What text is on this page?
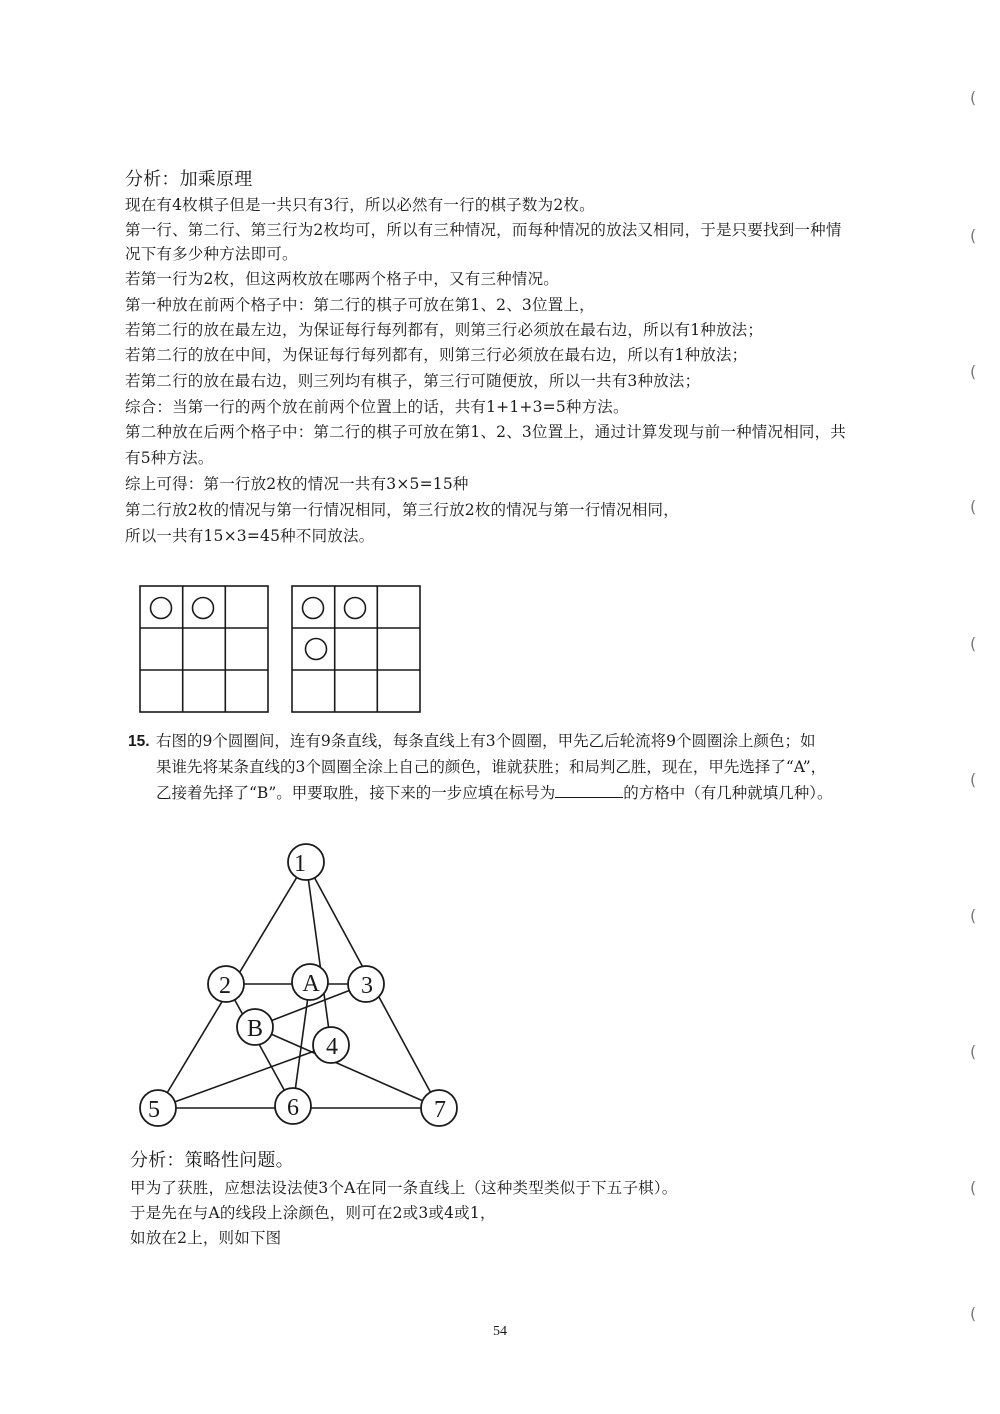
(
(
(
(
(
(
(
(
(
(
分析：加乘原理
现在有4枚棋子但是一共只有3行，所以必然有一行的棋子数为2枚。
第一行、第二行、第三行为2枚均可，所以有三种情况，而每种情况的放法又相同，于是只要找到一种情
况下有多少种方法即可。
若第一行为2枚，但这两枚放在哪两个格子中，又有三种情况。
第一种放在前两个格子中：第二行的棋子可放在第1、2、3位置上，
若第二行的放在最左边，为保证每行每列都有，则第三行必须放在最右边，所以有1种放法；
若第二行的放在中间，为保证每行每列都有，则第三行必须放在最右边，所以有1种放法；
若第二行的放在最右边，则三列均有棋子，第三行可随便放，所以一共有3种放法；
综合：当第一行的两个放在前两个位置上的话，共有1+1+3=5种方法。
第二种放在后两个格子中：第二行的棋子可放在第1、2、3位置上，通过计算发现与前一种情况相同，共
有5种方法。
综上可得：第一行放2枚的情况一共有3×5=15种
第二行放2枚的情况与第一行情况相同，第三行放2枚的情况与第一行情况相同，
所以一共有15×3=45种不同放法。
15. 右图的9个圆圈间，连有9条直线，每条直线上有3个圆圈，甲先乙后轮流将9个圆圈涂上颜色；如
果谁先将某条直线的3个圆圈全涂上自己的颜色，谁就获胜；和局判乙胜，现在，甲先选择了“A”，
乙接着先择了“B”。甲要取胜，接下来的一步应填在标号为	的方格中（有几种就填几种）。
1
2	A 3
B
4
5	6	7
分析：策略性问题。
甲为了获胜，应想法设法使3个A在同一条直线上（这种类型类似于下五子棋）。
于是先在与A的线段上涂颜色，则可在2或3或4或1，
如放在2上，则如下图
54
